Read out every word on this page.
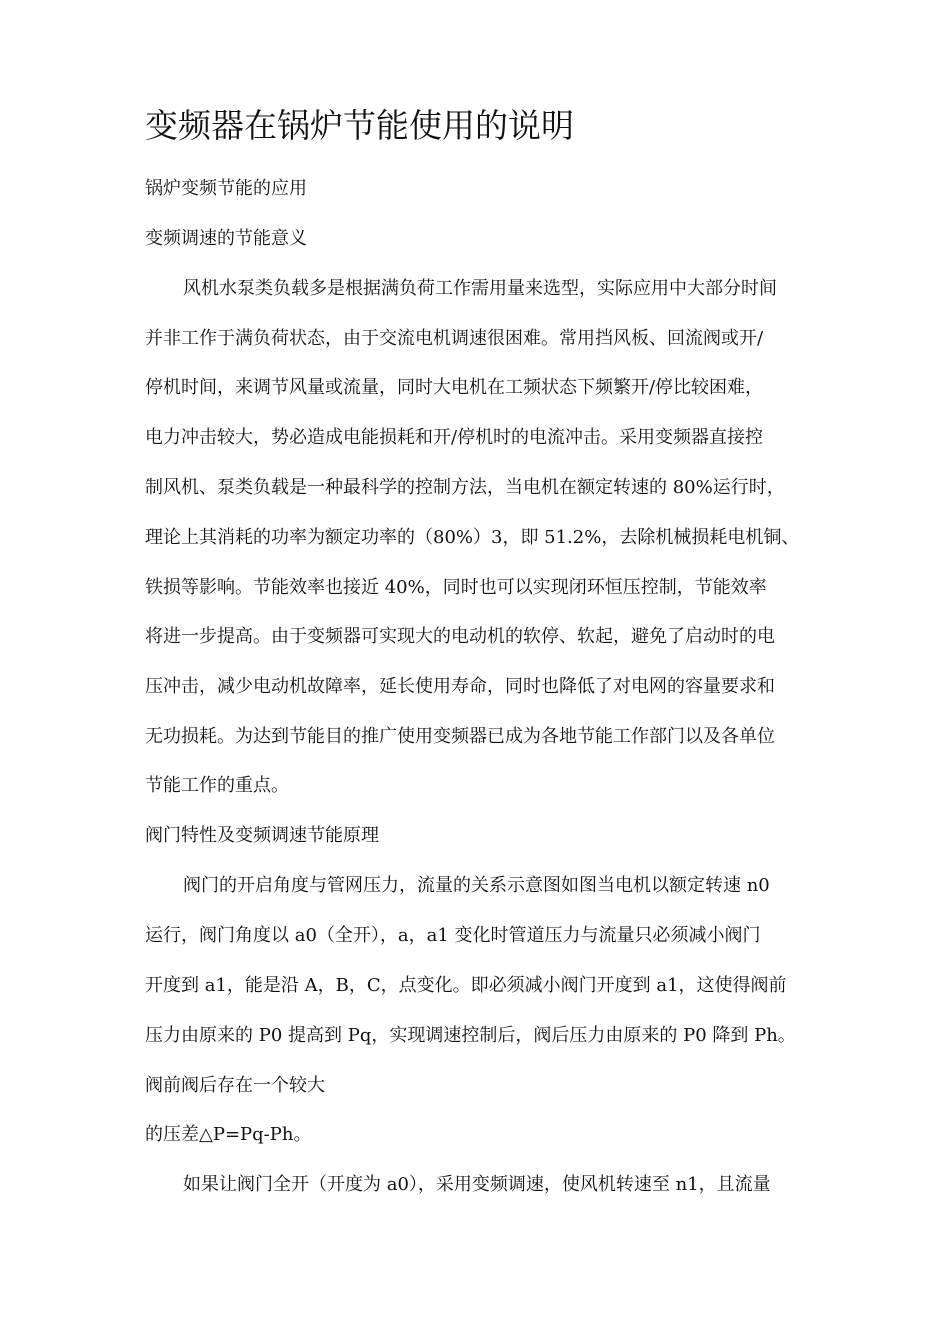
变频器在锅炉节能使用的说明
锅炉变频节能的应用
变频调速的节能意义
风机水泵类负载多是根据满负荷工作需用量来选型，实际应用中大部分时间
并非工作于满负荷状态，由于交流电机调速很困难。常用挡风板、回流阀或开/
停机时间，来调节风量或流量，同时大电机在工频状态下频繁开/停比较困难，
电力冲击较大，势必造成电能损耗和开/停机时的电流冲击。采用变频器直接控
制风机、泵类负载是一种最科学的控制方法，当电机在额定转速的 80%运行时，
理论上其消耗的功率为额定功率的（80%）3，即 51.2%，去除机械损耗电机铜、
铁损等影响。节能效率也接近 40%，同时也可以实现闭环恒压控制，节能效率
将进一步提高。由于变频器可实现大的电动机的软停、软起，避免了启动时的电
压冲击，减少电动机故障率，延长使用寿命，同时也降低了对电网的容量要求和
无功损耗。为达到节能目的推广使用变频器已成为各地节能工作部门以及各单位
节能工作的重点。
阀门特性及变频调速节能原理
阀门的开启角度与管网压力，流量的关系示意图如图当电机以额定转速 n0
运行，阀门角度以 a0（全开），a，a1 变化时管道压力与流量只必须减小阀门
开度到 a1，能是沿 A，B，C，点变化。即必须减小阀门开度到 a1，这使得阀前
压力由原来的 P0 提高到 Pq，实现调速控制后，阀后压力由原来的 P0 降到 Ph。
阀前阀后存在一个较大
的压差△P=Pq-Ph。
如果让阀门全开（开度为 a0），采用变频调速，使风机转速至 n1，且流量
